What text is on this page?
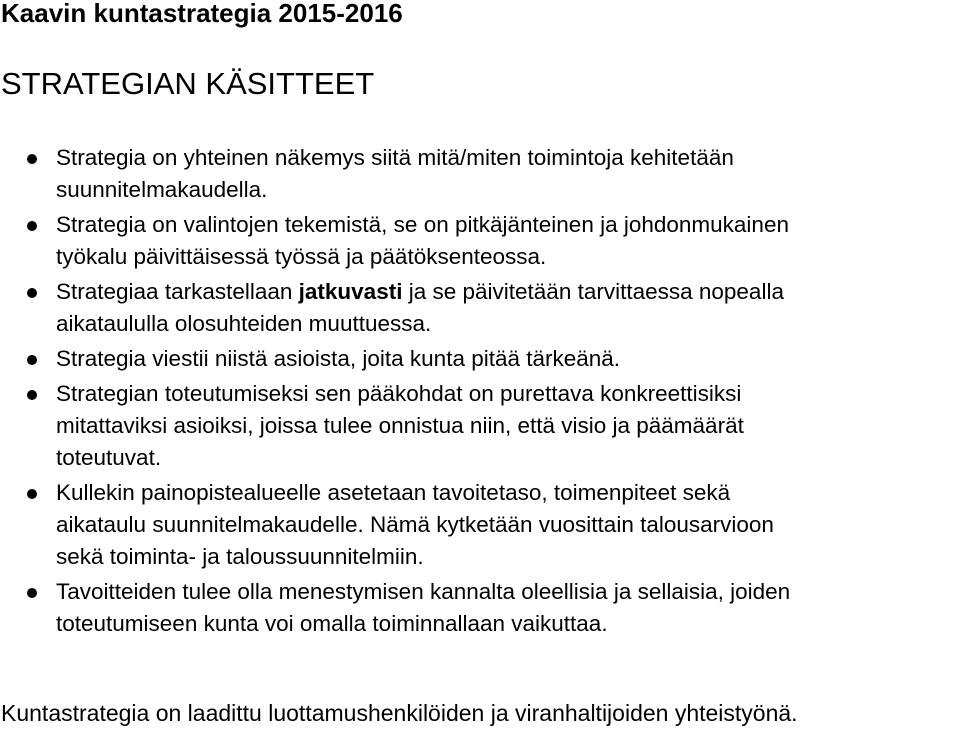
Kaavin kuntastrategia 2015-2016
STRATEGIAN KÄSITTEET
Strategia on yhteinen näkemys siitä mitä/miten toimintoja kehitetään
suunnitelmakaudella.
Strategia on valintojen tekemistä, se on pitkäjänteinen ja johdonmukainen
työkalu päivittäisessä työssä ja päätöksenteossa.
Strategiaa tarkastellaan jatkuvasti ja se päivitetään tarvittaessa nopealla
aikataululla olosuhteiden muuttuessa.
Strategia viestii niistä asioista, joita kunta pitää tärkeänä.
Strategian toteutumiseksi sen pääkohdat on purettava konkreettisiksi
mitattaviksi asioiksi, joissa tulee onnistua niin, että visio ja päämäärät
toteutuvat.
Kullekin painopistealueelle asetetaan tavoitetaso, toimenpiteet sekä
aikataulu suunnitelmakaudelle. Nämä kytketään vuosittain talousarvioon
sekä toiminta- ja taloussuunnitelmiin.
Tavoitteiden tulee olla menestymisen kannalta oleellisia ja sellaisia, joiden
toteutumiseen kunta voi omalla toiminnallaan vaikuttaa.

Kuntastrategia on laadittu luottamushenkilöiden ja viranhaltijoiden yhteistyönä.
